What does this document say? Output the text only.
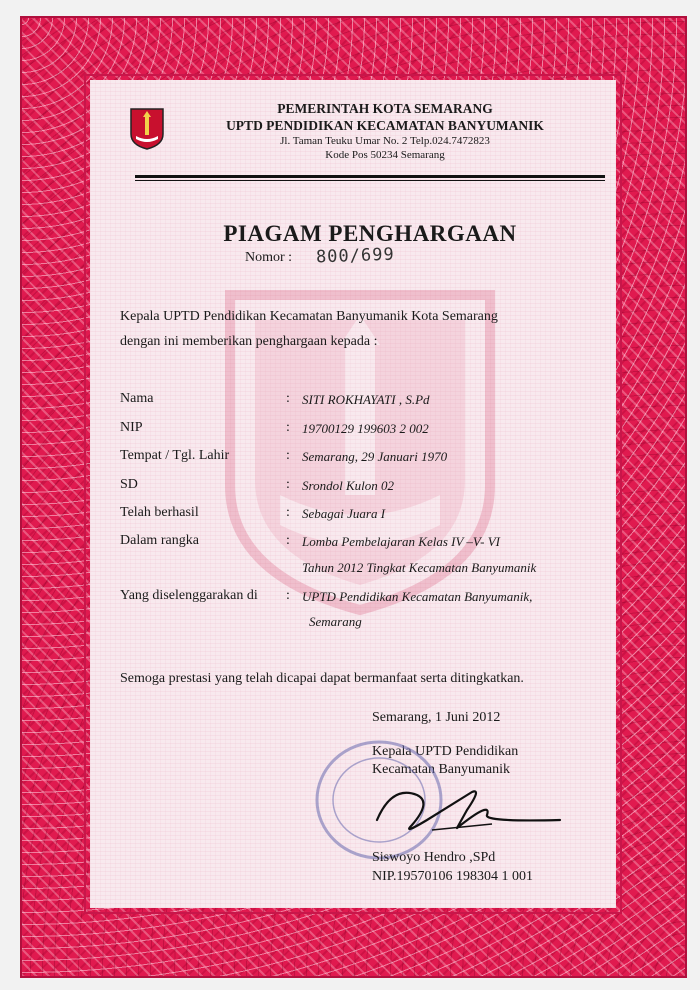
PEMERINTAH KOTA SEMARANG
UPTD PENDIDIKAN KECAMATAN BANYUMANIK
Jl. Taman Teuku Umar No. 2 Telp.024.7472823
Kode Pos 50234 Semarang
PIAGAM PENGHARGAAN
Nomor : 800/699
Kepala UPTD Pendidikan Kecamatan Banyumanik Kota Semarang
dengan ini memberikan penghargaan kepada :
Nama	: SITI ROKHAYATI , S.Pd
NIP	: 19700129 199603 2 002
Tempat / Tgl. Lahir	: Semarang, 29 Januari 1970
SD	: Srondol Kulon 02
Telah berhasil	: Sebagai Juara I
Dalam rangka	: Lomba Pembelajaran Kelas IV –V- VI
Tahun 2012 Tingkat Kecamatan Banyumanik
Yang diselenggarakan di : UPTD Pendidikan Kecamatan Banyumanik,
Semarang
Semoga prestasi yang telah dicapai dapat bermanfaat serta ditingkatkan.
Semarang, 1 Juni 2012
Kepala UPTD Pendidikan
Kecamatan Banyumanik
Siswoyo Hendro ,SPd
NIP.19570106 198304 1 001
